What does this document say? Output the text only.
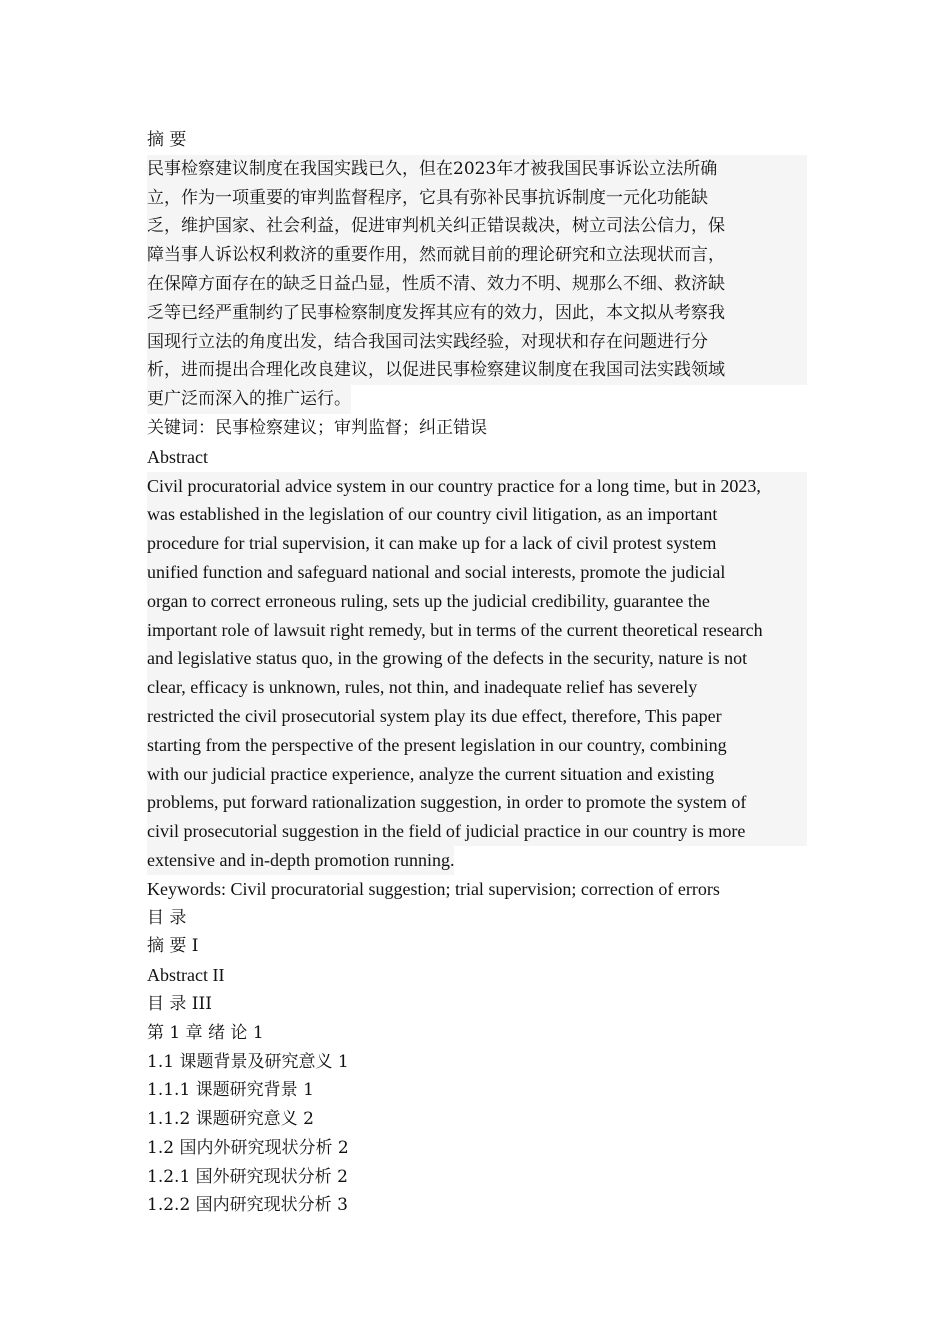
摘 要
民事检察建议制度在我国实践已久，但在2023年才被我国民事诉讼立法所确
立，作为一项重要的审判监督程序，它具有弥补民事抗诉制度一元化功能缺
乏，维护国家、社会利益，促进审判机关纠正错误裁决，树立司法公信力，保
障当事人诉讼权利救济的重要作用，然而就目前的理论研究和立法现状而言，
在保障方面存在的缺乏日益凸显，性质不清、效力不明、规那么不细、救济缺
乏等已经严重制约了民事检察制度发挥其应有的效力，因此，本文拟从考察我
国现行立法的角度出发，结合我国司法实践经验，对现状和存在问题进行分
析，进而提出合理化改良建议，以促进民事检察建议制度在我国司法实践领域
更广泛而深入的推广运行。
关键词：民事检察建议；审判监督；纠正错误
Abstract
Civil procuratorial advice system in our country practice for a long time, but in 2023,
was established in the legislation of our country civil litigation, as an important
procedure for trial supervision, it can make up for a lack of civil protest system
unified function and safeguard national and social interests, promote the judicial
organ to correct erroneous ruling, sets up the judicial credibility, guarantee the
important role of lawsuit right remedy, but in terms of the current theoretical research
and legislative status quo, in the growing of the defects in the security, nature is not
clear, efficacy is unknown, rules, not thin, and inadequate relief has severely
restricted the civil prosecutorial system play its due effect, therefore, This paper
starting from the perspective of the present legislation in our country, combining
with our judicial practice experience, analyze the current situation and existing
problems, put forward rationalization suggestion, in order to promote the system of
civil prosecutorial suggestion in the field of judicial practice in our country is more
extensive and in-depth promotion running.
Keywords: Civil procuratorial suggestion; trial supervision; correction of errors
目 录
摘 要 I
Abstract II
目 录 III
第 1 章 绪 论 1
1.1 课题背景及研究意义 1
1.1.1 课题研究背景 1
1.1.2 课题研究意义 2
1.2 国内外研究现状分析 2
1.2.1 国外研究现状分析 2
1.2.2 国内研究现状分析 3
